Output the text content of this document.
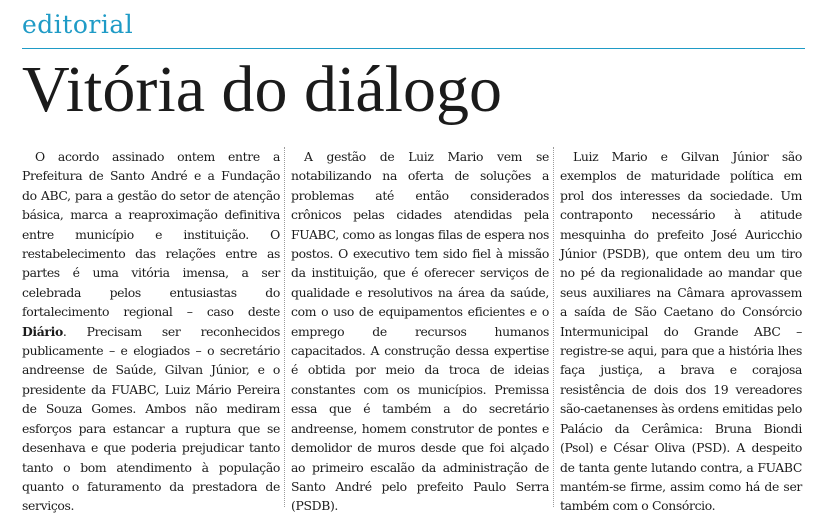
editorial
Vitória do diálogo

O acordo assinado ontem entre a Prefeitura de Santo André e a Fundação do ABC, para a gestão do setor de atenção básica, marca a reaproximação definitiva entre município e instituição. O restabelecimento das relações entre as partes é uma vitória imensa, a ser celebrada pelos entusiastas do fortalecimento regional – caso deste Diário. Precisam ser reconhecidos publicamente – e elogiados – o secretário andreense de Saúde, Gilvan Júnior, e o presidente da FUABC, Luiz Mário Pereira de Souza Gomes. Ambos não mediram esforços para estancar a ruptura que se desenhava e que poderia prejudicar tanto tanto o bom atendimento à população quanto o faturamento da prestadora de serviços.

A gestão de Luiz Mario vem se notabilizando na oferta de soluções a problemas até então considerados crônicos pelas cidades atendidas pela FUABC, como as longas filas de espera nos postos. O executivo tem sido fiel à missão da instituição, que é oferecer serviços de qualidade e resolutivos na área da saúde, com o uso de equipamentos eficientes e o emprego de recursos humanos capacitados. A construção dessa expertise é obtida por meio da troca de ideias constantes com os municípios. Premissa essa que é também a do secretário andreense, homem construtor de pontes e demolidor de muros desde que foi alçado ao primeiro escalão da administração de Santo André pelo prefeito Paulo Serra (PSDB).

Luiz Mario e Gilvan Júnior são exemplos de maturidade política em prol dos interesses da sociedade. Um contraponto necessário à atitude mesquinha do prefeito José Auricchio Júnior (PSDB), que ontem deu um tiro no pé da regionalidade ao mandar que seus auxiliares na Câmara aprovassem a saída de São Caetano do Consórcio Intermunicipal do Grande ABC – registre-se aqui, para que a história lhes faça justiça, a brava e corajosa resistência de dois dos 19 vereadores são-caetanenses às ordens emitidas pelo Palácio da Cerâmica: Bruna Biondi (Psol) e César Oliva (PSD). A despeito de tanta gente lutando contra, a FUABC mantém-se firme, assim como há de ser também com o Consórcio.
